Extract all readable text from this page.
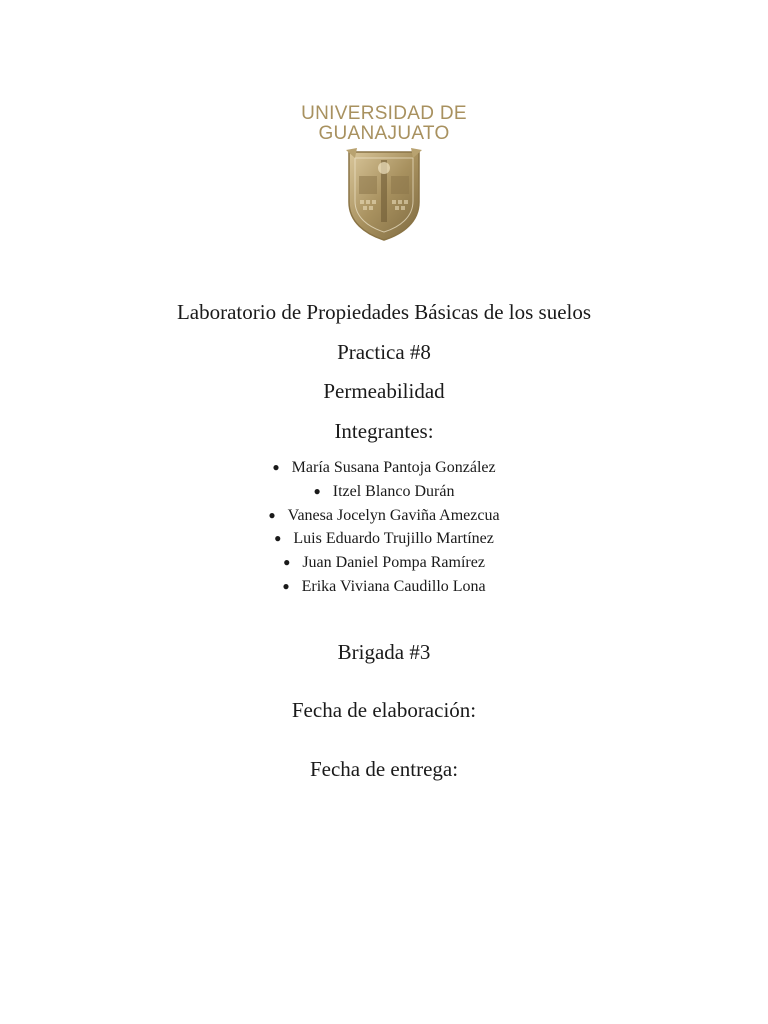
UNIVERSIDAD DE
GUANAJUATO
Laboratorio de Propiedades Básicas de los suelos
Practica #8
Permeabilidad
Integrantes:
● María Susana Pantoja González
● Itzel Blanco Durán
● Vanesa Jocelyn Gaviña Amezcua
● Luis Eduardo Trujillo Martínez
● Juan Daniel Pompa Ramírez
● Erika Viviana Caudillo Lona
Brigada #3
Fecha de elaboración:
Fecha de entrega:
